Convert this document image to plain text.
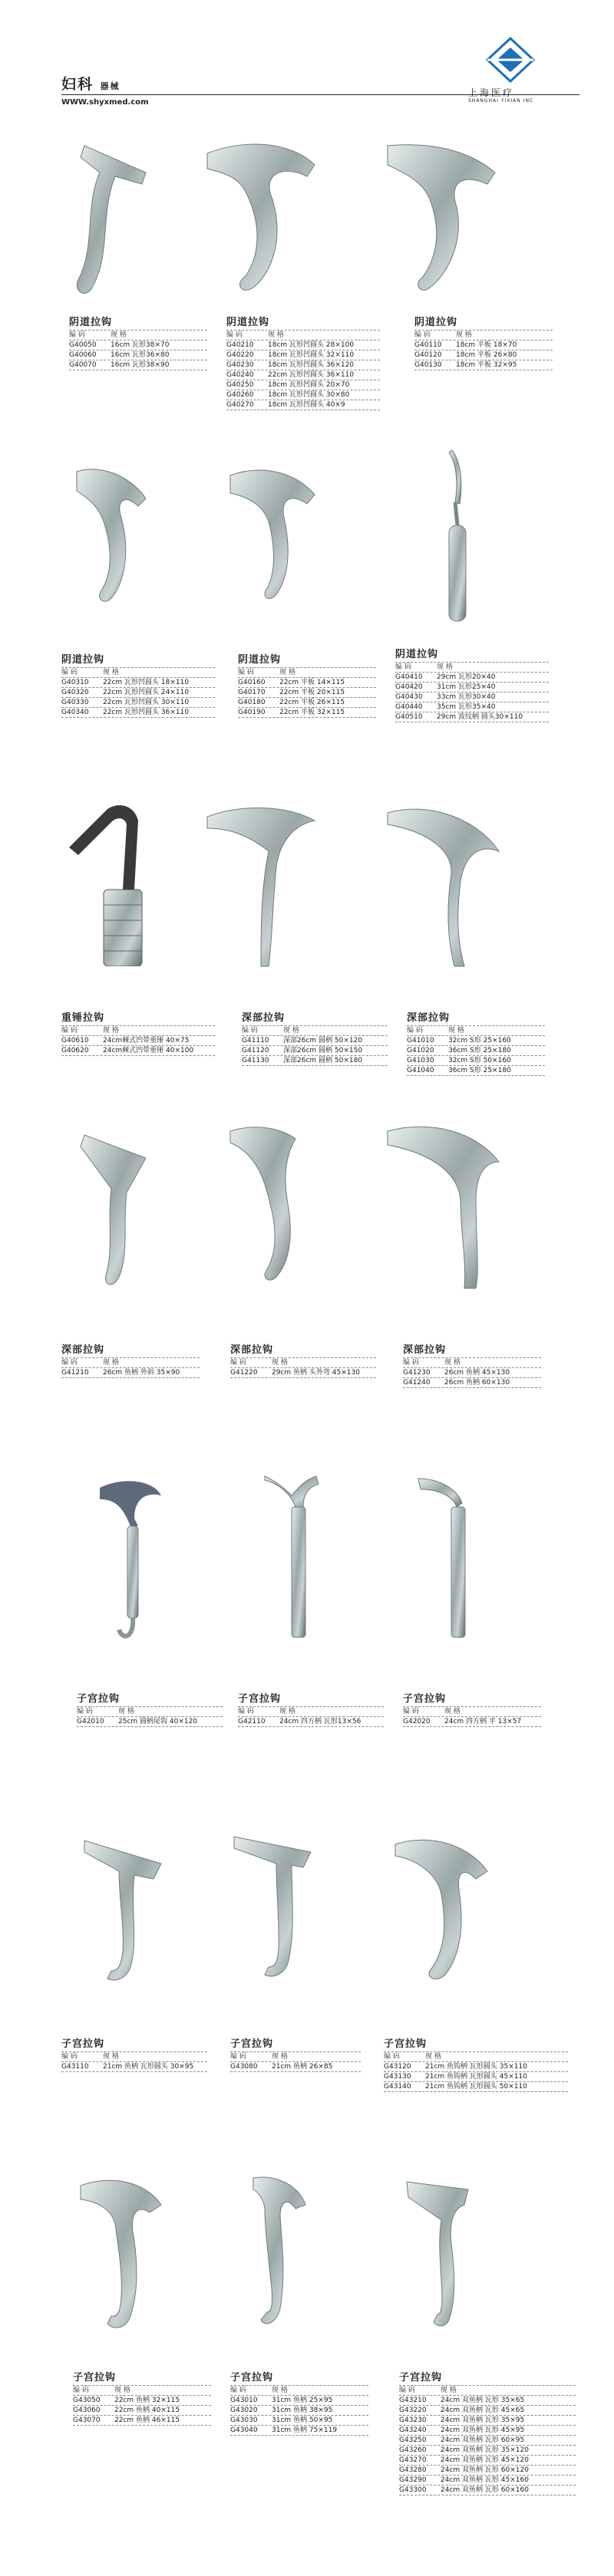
妇科 器械
WWW.shyxmed.com
上海医疗
SHANGHAI YIXIAN INC
阴道拉钩
编 码	规 格
G40050	16cm 瓦形38×70
G40060	16cm 瓦形36×80
G40070	16cm 瓦形38×90
阴道拉钩
编 码	规 格
G40210	18cm 瓦形凹圆头 28×100
G40220	18cm 瓦形凹圆头 32×110
G40230	18cm 瓦形凹圆头 36×120
G40240	22cm 瓦形凹圆头 36×110
G40250	18cm 瓦形凹圆头 20×70
G40260	18cm 瓦形凹圆头 30×80
G40270	18cm 瓦形凹圆头 40×9
阴道拉钩
编 码	规 格
G40110	18cm 平板 18×70
G40120	18cm 平板 26×80
G40130	18cm 平板 32×95
阴道拉钩
编 码	规 格
G40310	22cm 瓦形凹圆头 18×110
G40320	22cm 瓦形凹圆头 24×110
G40330	22cm 瓦形凹圆头 30×110
G40340	22cm 瓦形凹圆头 36×110
阴道拉钩
编 码	规 格
G40160	22cm 平板 14×115
G40170	22cm 平板 20×115
G40180	22cm 平板 26×115
G40190	22cm 平板 32×115
阴道拉钩
编 码	规 格
G40410	29cm 瓦形20×40
G40420	31cm 瓦形25×40
G40430	33cm 瓦形30×40
G40440	35cm 瓦形35×40
G40510	29cm 波纹柄 圆头30×110
重锤拉钩
编 码	规 格
G40610	24cm棘式凹带重锤 40×75
G40620	24cm棘式凹带重锤 40×100
深部拉钩
编 码	规 格
G41110	深部26cm 圆柄 50×120
G41120	深部26cm 圆柄 50×150
G41130	深部26cm 圆柄 50×180
深部拉钩
编 码	规 格
G41010	32cm S形 25×160
G41020	36cm S形 25×180
G41030	32cm S形 50×160
G41040	36cm S形 25×180
深部拉钩
编 码	规 格
G41210	26cm 鱼柄 外斜 35×90
深部拉钩
编 码	规 格
G41220	29cm 鱼柄 头外弯 45×130
深部拉钩
编 码	规 格
G41230	26cm 鱼柄 45×130
G41240	26cm 鱼柄 60×130
子宫拉钩
编 码	规 格
G42010	25cm 圆柄尾钩 40×120
子宫拉钩
编 码	规 格
G42110	24cm 四方柄 瓦形13×56
子宫拉钩
编 码	规 格
G42020	24cm 四方柄 平 13×57
子宫拉钩
编 码	规 格
G43110	21cm 鱼柄 瓦形圆头 30×95
子宫拉钩
编 码	规 格
G43080	21cm 鱼柄 26×85
子宫拉钩
编 码	规 格
G43120	21cm 鱼钩柄 瓦形圆头 35×110
G43130	21cm 鱼钩柄 瓦形圆头 45×110
G43140	21cm 鱼钩柄 瓦形圆头 50×110
子宫拉钩
编 码	规 格
G43050	22cm 鱼柄 32×115
G43060	22cm 鱼柄 40×115
G43070	22cm 鱼柄 46×115
子宫拉钩
编 码	规 格
G43010	31cm 鱼柄 25×95
G43020	31cm 鱼柄 38×95
G43030	31cm 鱼柄 50×95
G43040	31cm 鱼柄 75×119
子宫拉钩
编 码	规 格
G43210	24cm 双鱼柄 瓦形 35×65
G43220	24cm 双鱼柄 瓦形 45×65
G43230	24cm 双鱼柄 瓦形 35×95
G43240	24cm 双鱼柄 瓦形 45×95
G43250	24cm 双鱼柄 瓦形 60×95
G43260	24cm 双鱼柄 瓦形 35×120
G43270	24cm 双鱼柄 瓦形 45×120
G43280	24cm 双鱼柄 瓦形 60×120
G43290	24cm 双鱼柄 瓦形 45×160
G43300	24cm 双鱼柄 瓦形 60×160
